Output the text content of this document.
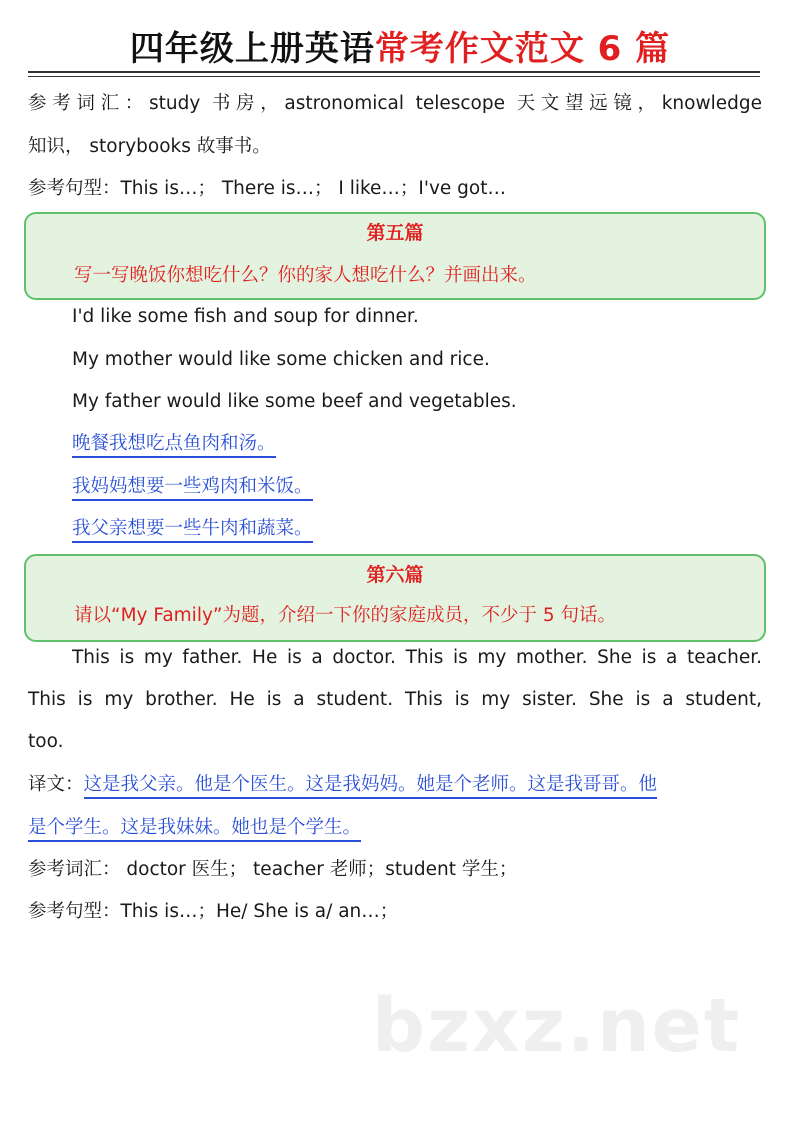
四年级上册英语常考作文范文 6 篇
参考词汇：study 书房，astronomical telescope 天文望远镜，knowledge
知识， storybooks 故事书。
参考句型：This is…； There is…； I like…；I've got…
第五篇
写一写晚饭你想吃什么？你的家人想吃什么？并画出来。
I'd like some fish and soup for dinner.
My mother would like some chicken and rice.
My father would like some beef and vegetables.
晚餐我想吃点鱼肉和汤。
我妈妈想要一些鸡肉和米饭。
我父亲想要一些牛肉和蔬菜。
第六篇
请以“My Family”为题，介绍一下你的家庭成员，不少于 5 句话。
This is my father. He is a doctor. This is my mother. She is a teacher.
This is my brother. He is a student. This is my sister. She is a student,
too.
译文：这是我父亲。他是个医生。这是我妈妈。她是个老师。这是我哥哥。他
是个学生。这是我妹妹。她也是个学生。
参考词汇： doctor 医生； teacher 老师；student 学生；
参考句型：This is…；He/ She is a/ an…；
bzxz.net
